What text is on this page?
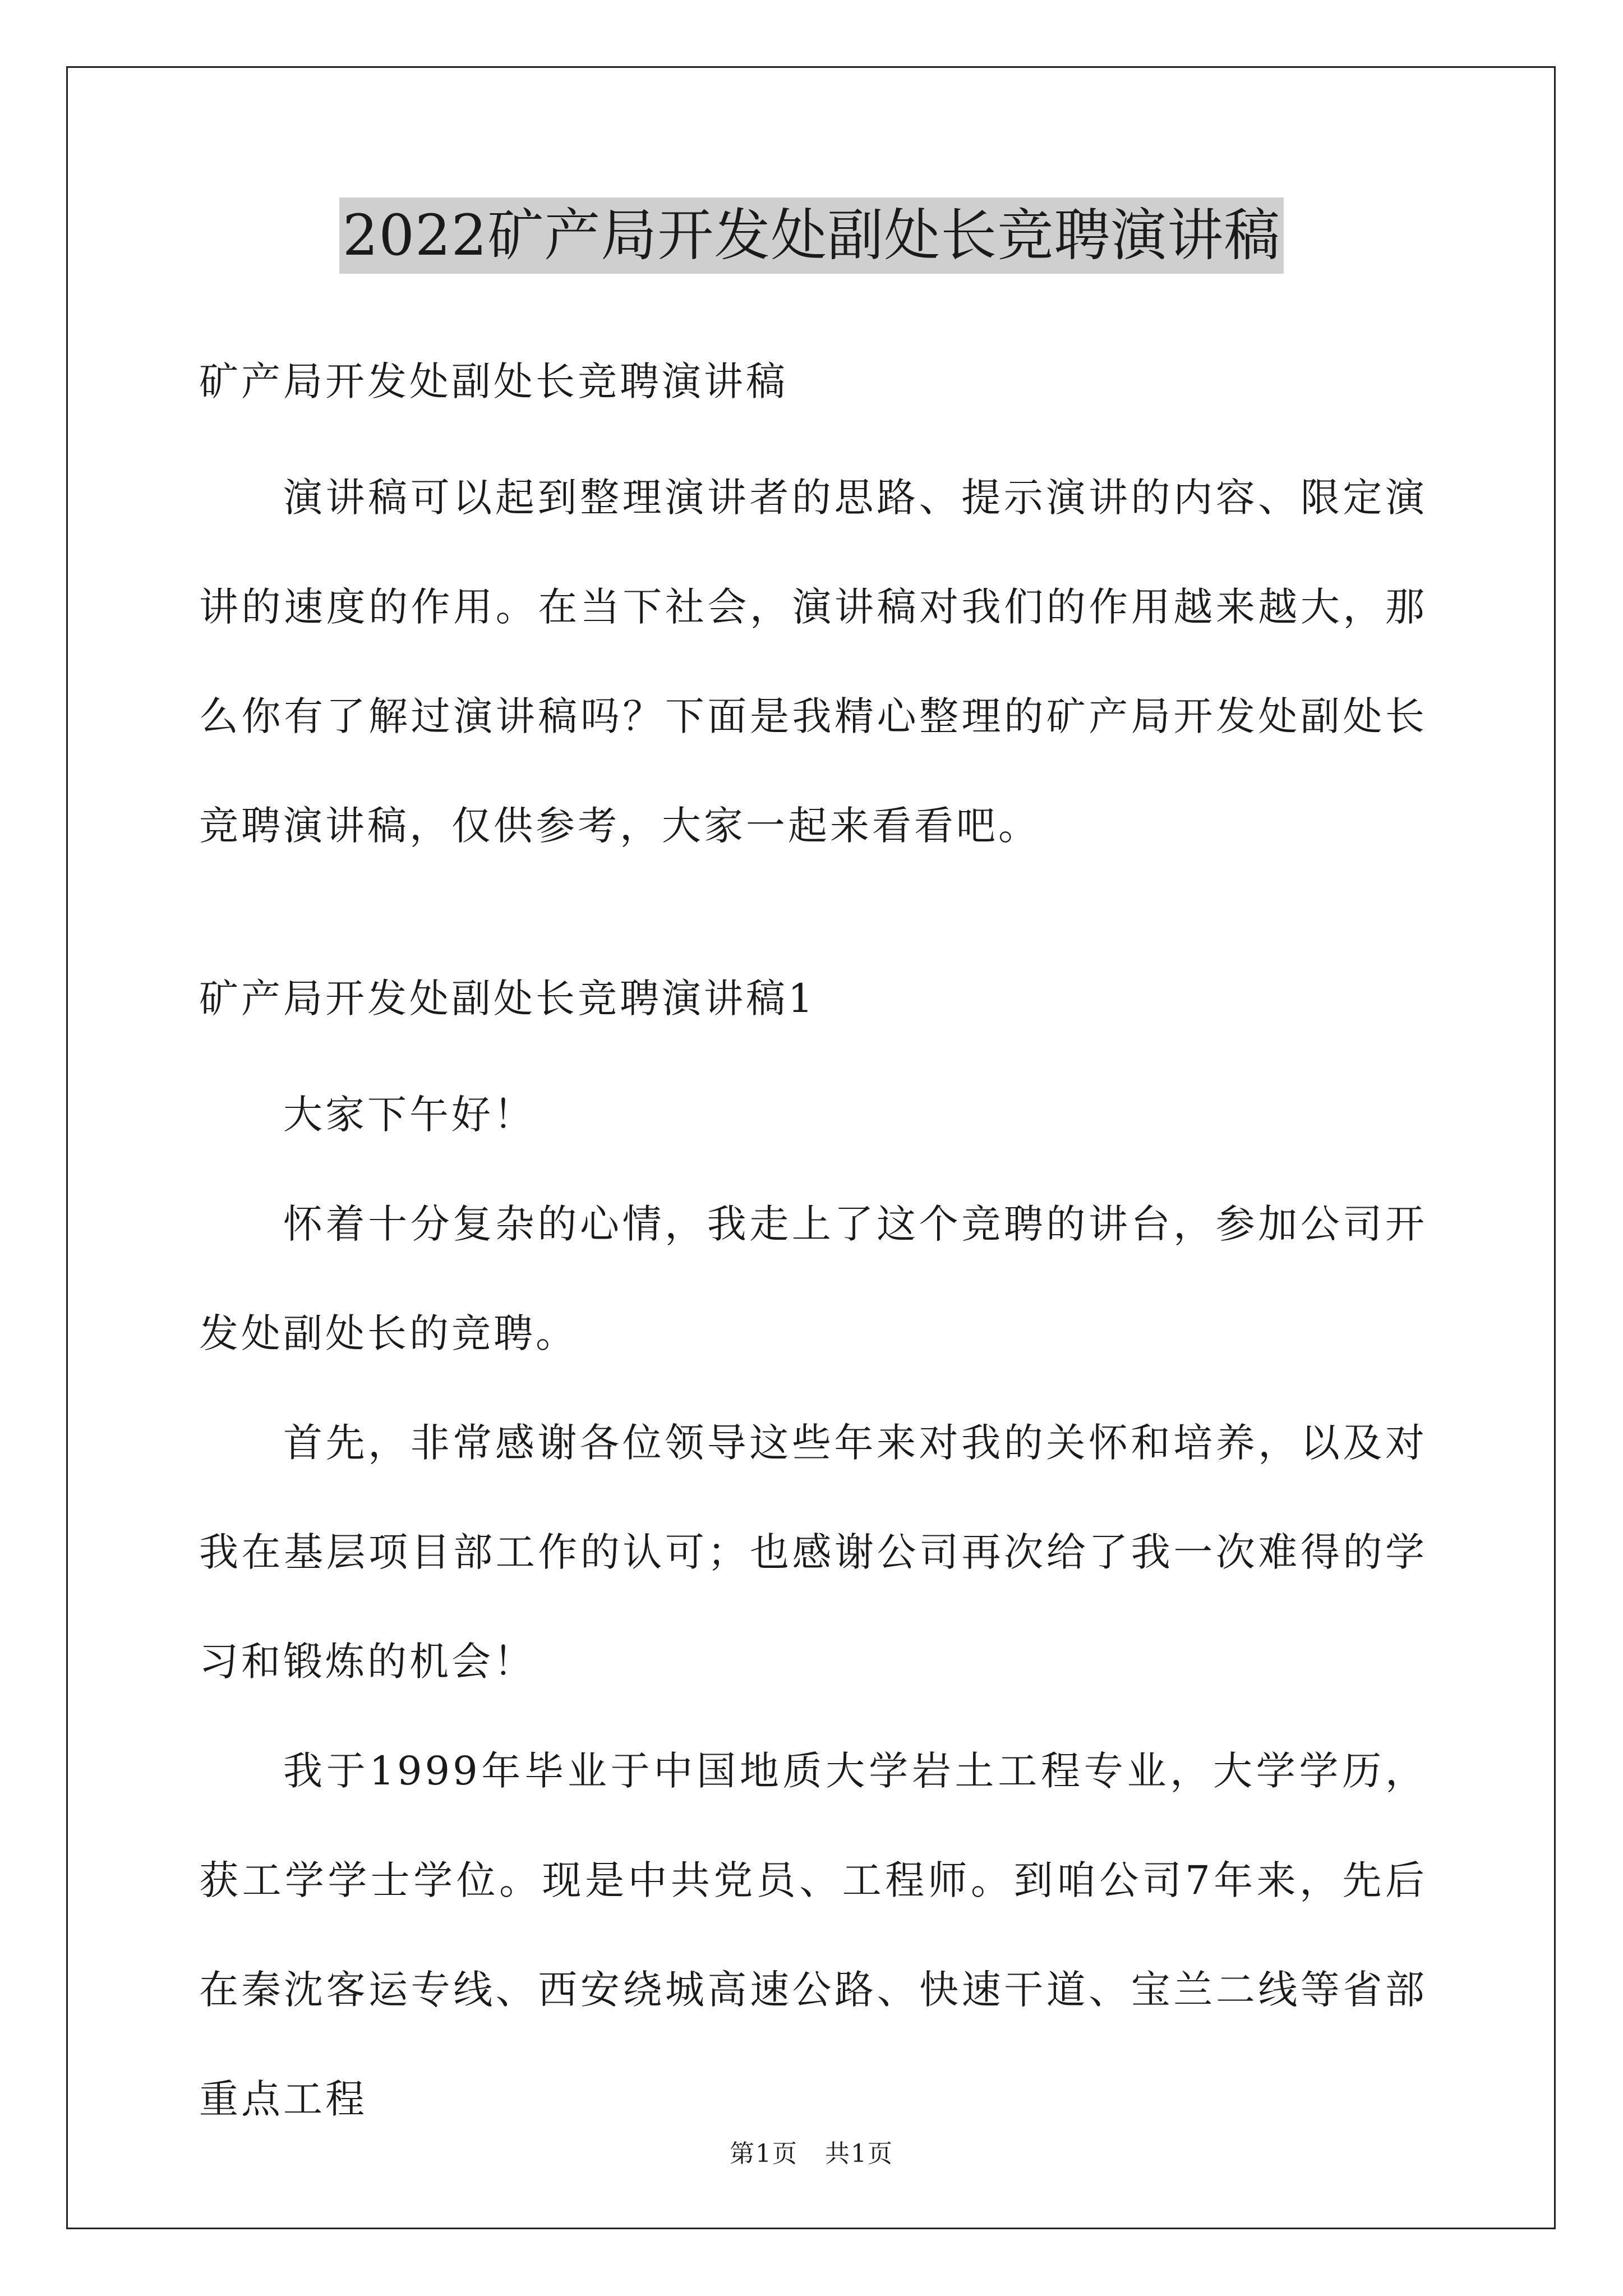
2022矿产局开发处副处长竞聘演讲稿

矿产局开发处副处长竞聘演讲稿

演讲稿可以起到整理演讲者的思路、提示演讲的内容、限定演讲的速度的作用。在当下社会，演讲稿对我们的作用越来越大，那么你有了解过演讲稿吗？下面是我精心整理的矿产局开发处副处长竞聘演讲稿，仅供参考，大家一起来看看吧。

矿产局开发处副处长竞聘演讲稿1

大家下午好！

怀着十分复杂的心情，我走上了这个竞聘的讲台，参加公司开发处副处长的竞聘。

首先，非常感谢各位领导这些年来对我的关怀和培养，以及对我在基层项目部工作的认可；也感谢公司再次给了我一次难得的学习和锻炼的机会！

我于1999年毕业于中国地质大学岩土工程专业，大学学历，获工学学士学位。现是中共党员、工程师。到咱公司7年来，先后在秦沈客运专线、西安绕城高速公路、快速干道、宝兰二线等省部重点工程

第1页 共1页
